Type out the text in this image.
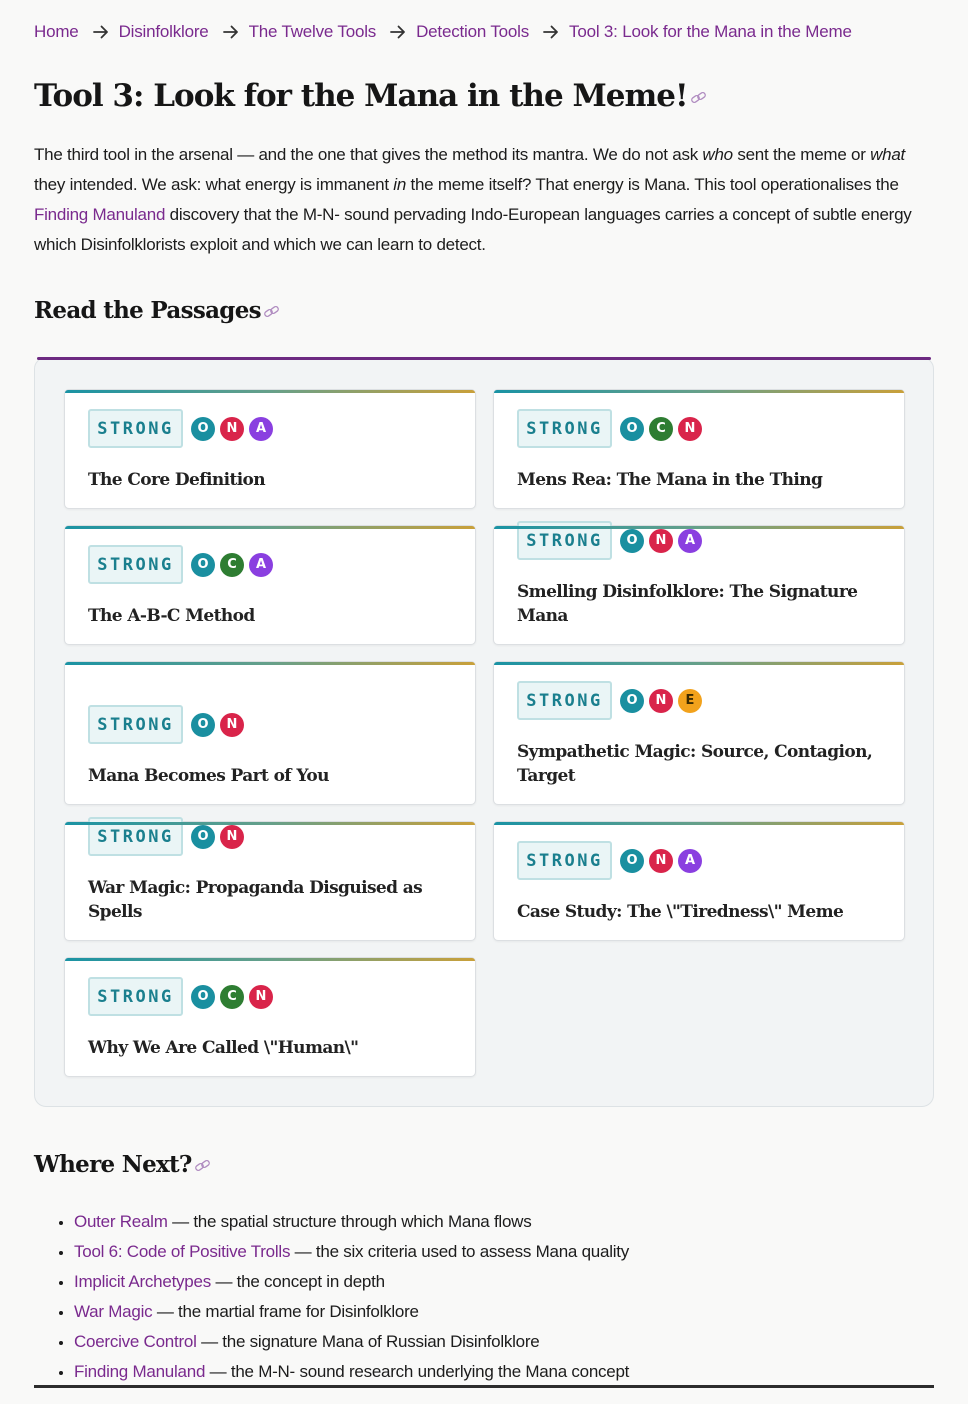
Home Disinfolklore The Twelve Tools Detection Tools Tool 3: Look for the Mana in the Meme
Tool 3: Look for the Mana in the Meme!

The third tool in the arsenal — and the one that gives the method its mantra. We do not ask who sent the meme or what they intended. We ask: what energy is immanent in the meme itself? That energy is Mana. This tool operationalises the Finding Manuland discovery that the M-N- sound pervading Indo-European languages carries a concept of subtle energy which Disinfolklorists exploit and which we can learn to detect.

Read the Passages
STRONG	O	N	A
The Core Definition
STRONG	O	C	N
Mens Rea: The Mana in the Thing
STRONG	O	C	A
The A-B-C Method
STRONG	O	N	A
Smelling Disinfolklore: The Signature Mana
STRONG	O	N
Mana Becomes Part of You
STRONG	O	N	E
Sympathetic Magic: Source, Contagion, Target
STRONG	O	N
War Magic: Propaganda Disguised as Spells
STRONG	O	N	A
Case Study: The \"Tiredness\" Meme
STRONG	O	C	N
Why We Are Called \"Human\"
Where Next?
• Outer Realm — the spatial structure through which Mana flows
• Tool 6: Code of Positive Trolls — the six criteria used to assess Mana quality
• Implicit Archetypes — the concept in depth
• War Magic — the martial frame for Disinfolklore
• Coercive Control — the signature Mana of Russian Disinfolklore
• Finding Manuland — the M-N- sound research underlying the Mana concept
